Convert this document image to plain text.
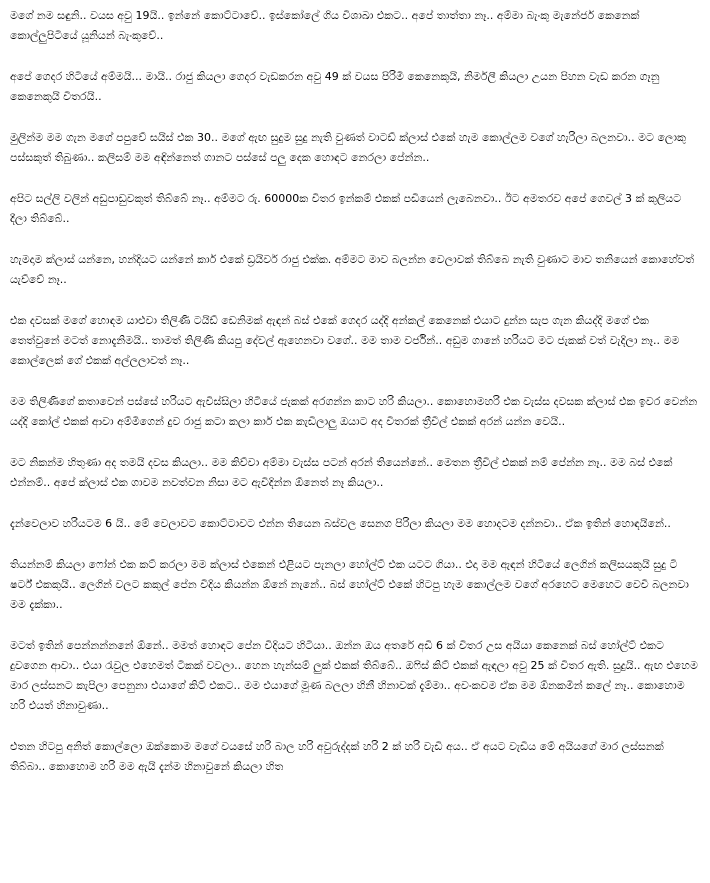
මගේ නම සඳුනි.. වයස අවු 19යි.. ඉන්නේ කොට්ටාවේ.. ඉස්කෝලේ ගිය විශාඛා එකට.. අපේ තාත්තා නෑ.. අම්මා බැංකු මැනේජර් කෙනෙක් කොල්ලුපිටියේ යූනියන් බැංකුවේ..

අපේ ගෙදර හිටියේ අම්මයි... මායි.. රාජු කියලා ගෙදර වැඩකරන අවු 49 ක් වයස පිරිමි කෙනෙකුයි, නිර්මලී කියලා උයන පිහන වැඩ කරන ගෑනු කෙනෙකුයි විතරයි..

මුලින්ම මම ගැන මගේ පපුවේ සයිස් එක 30.. මගේ ඇඟ සුදුම සුදු නැති වුණත් වාටඩ් ක්ලාස් එකේ හැම කොල්ලම වගේ හැරිලා බලනවා.. මට ලොකු පස්සකුත් තිබුණා.. කලිසම් මම අඳින්නෙත් ගානට පස්සේ පලු දෙක හොඳට නෙරලා පේන්න..

අපිට සල්ලි වලින් අඩුපාඩුවකුත් තිබ්බේ නෑ.. අම්මට රු. 60000ක විතර ඉන්කම් එකක් පඩියෙන් ලැබෙනවා.. ඊට අමතරව අපේ ගෙවල් 3 ක් කුලියට දීලා තිබ්බේ..

හැමදාම ක්ලාස් යන්නෙ, හන්දියට යන්නේ කාර් එකේ ඩ්‍රයිවර් රාජු එක්ක. අම්මට මාව බලන්න වෙලාවක් තිබ්බෙ නැති වුණාට මාව තනියෙන් කොහේවත් යැව්වේ නෑ..

එක දවසක් මගේ හොඳම යාළුවා තිලිණි ටයිඩ් ඩෙනිමක් ඇඳන් බස් එකේ ගෙදර යද්දි අන්කල් කෙනෙක් එයාට දුන්න සැප ගැන කියද්දි මගේ එක තෙත්වුනේ මටත් නොදැනිමයි.. තාමත් තිලිණි කියපු දේවල් ඇහෙනවා වගේ.. මම තාම වර්ජින්.. අඩුම ගානේ හරියට මට ජැකක් වත් වැදිලා නෑ.. මම කොල්ලෙක් ගේ එකක් අල්ලලාවත් නෑ..

මම තිලිණිගේ කතාවෙන් පස්සේ හරියට ඇවිස්සිලා හිටියේ ජැකක් අරගන්න කාට හරි කියලා.. කොහොමහරි එක වැස්ස දවසක ක්ලාස් එක ඉවර වෙන්න යද්දි කෝල් එකක් ආවා අම්මිගෙන් දුව රාජු කටා කලා කාර් එක කැඩිලාලු ඔයාට අද විතරක් ත්‍රීවීල් එකක් අරන් යන්න වෙයි..

මට නිකන්ම හිතුණා අද තමයි දවස කියලා.. මම කිව්වා අම්මා වැස්ස පටන් අරන් තියෙන්නේ.. මෙතන ත්‍රීවිල් එකක් නම් පේන්න නෑ.. මම බස් එකේ එන්නම්.. අපේ ක්ලාස් එක ගාවම නවත්වන නිසා මට ඇවිදින්න ඕනෙත් නෑ කියලා..

දැන්වෙලාව හරියටම 6 යි.. මේ වෙලාවට කොට්ටාවට එන්න තියෙන බස්වල සෙනග පිරිලා කියලා මම හොදටම දන්නවා.. ඒක ඉතින් හොඳයිනේ..

තියන්නම් කියලා ෆෝන් එක කට් කරලා මම ක්ලාස් එකෙන් එළියට පැනලා හෝල්ට් එක යටට ගියා.. එදා මම ඇඳන් හිටියේ ලෙගින් කලිසයකුයි සුදු ටී ෂර්ට් එකකුයි.. ලෙගින් වලට කකුල් පේන විදිය කියන්න ඕනේ නැනේ.. බස් හෝල්ට් එකේ හිටපු හැම කොල්ලම වගේ අරහෙට මෙහෙට වෙවී බලනවා මම දැක්කා..

මටත් ඉතින් පෙන්නන්නනේ ඕනේ.. මමත් හොඳට පේන විදියට හිටියා.. ඔන්න ඔය අතරේ අඩි 6 ක් විතර උස අයියා කෙනෙක් බස් හෝල්ට් එකට දුවගෙන ආවා.. එයා රැවුල එහෙමත් ටිකක් වවලා.. හෙන හැන්සම් ලුක් එකක් තිබ්බේ.. ඔෆිස් කිට් එකක් ඇඳලා අවු 25 ක් විතර ඇති. සුදුයි.. ඇඟ එහෙම මාර ලස්සනට කැපිලා පෙනුනා එයාගේ කිට් එකට.. මම එයාගේ මූණ බලලා හිනී හිනාවක් දැම්මා.. අවංකවම ඒක මම ඕනකමින් කලේ නෑ.. කොහොම හරි එයත් හිනාවුණා..

එතන හිටපු අනිත් කොල්ලො ඔක්කොම මගේ වයසේ හරි බාල හරි අවුරුද්දක් හරි 2 ක් හරි වැඩි අය.. ඒ අයට වැඩිය මේ අයියගේ මාර ලස්සනක් තිබ්බා.. කොහොම හරි මම ඇයි දැන්ම හිනාවුනේ කියලා හිත
